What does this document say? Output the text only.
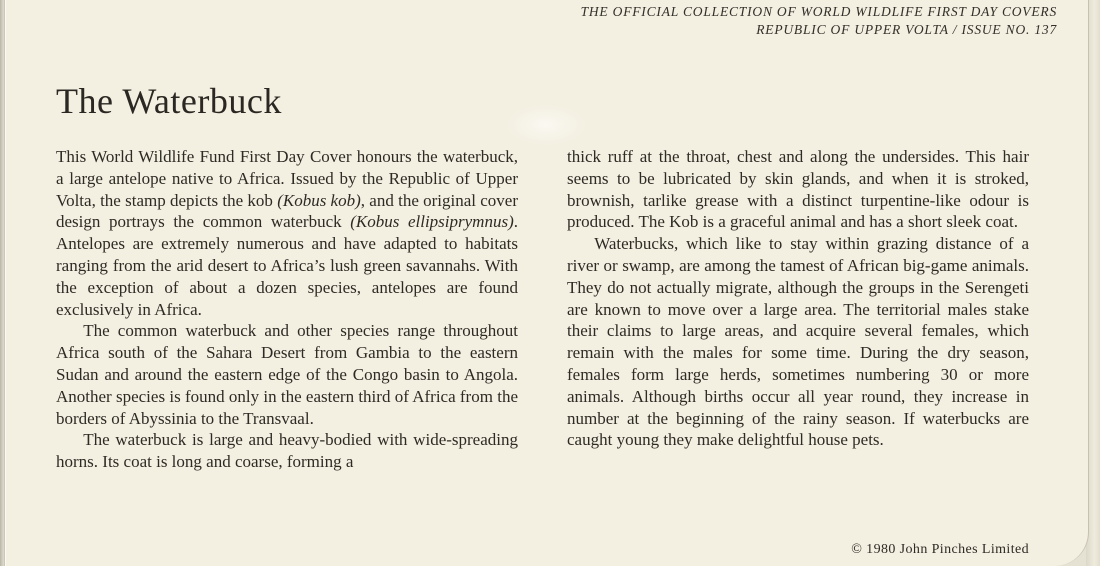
THE OFFICIAL COLLECTION OF WORLD WILDLIFE FIRST DAY COVERS
REPUBLIC OF UPPER VOLTA / ISSUE NO. 137
The Waterbuck

This World Wildlife Fund First Day Cover honours the waterbuck, a large antelope native to Africa. Issued by the Republic of Upper Volta, the stamp depicts the kob (Kobus kob), and the original cover design portrays the common waterbuck (Kobus ellipsiprymnus). Antelopes are extremely numerous and have adapted to habitats ranging from the arid desert to Africa’s lush green savannahs. With the exception of about a dozen species, antelopes are found exclusively in Africa.

The common waterbuck and other species range throughout Africa south of the Sahara Desert from Gambia to the eastern Sudan and around the eastern edge of the Congo basin to Angola. Another species is found only in the eastern third of Africa from the borders of Abyssinia to the Transvaal.

The waterbuck is large and heavy-bodied with wide-spreading horns. Its coat is long and coarse, forming a

thick ruff at the throat, chest and along the undersides. This hair seems to be lubricated by skin glands, and when it is stroked, brownish, tarlike grease with a distinct turpentine-like odour is produced. The Kob is a graceful animal and has a short sleek coat.

Waterbucks, which like to stay within grazing distance of a river or swamp, are among the tamest of African big-game animals. They do not actually migrate, although the groups in the Serengeti are known to move over a large area. The territorial males stake their claims to large areas, and acquire several females, which remain with the males for some time. During the dry season, females form large herds, sometimes numbering 30 or more animals. Although births occur all year round, they increase in number at the beginning of the rainy season. If waterbucks are caught young they make delightful house pets.

© 1980 John Pinches Limited
